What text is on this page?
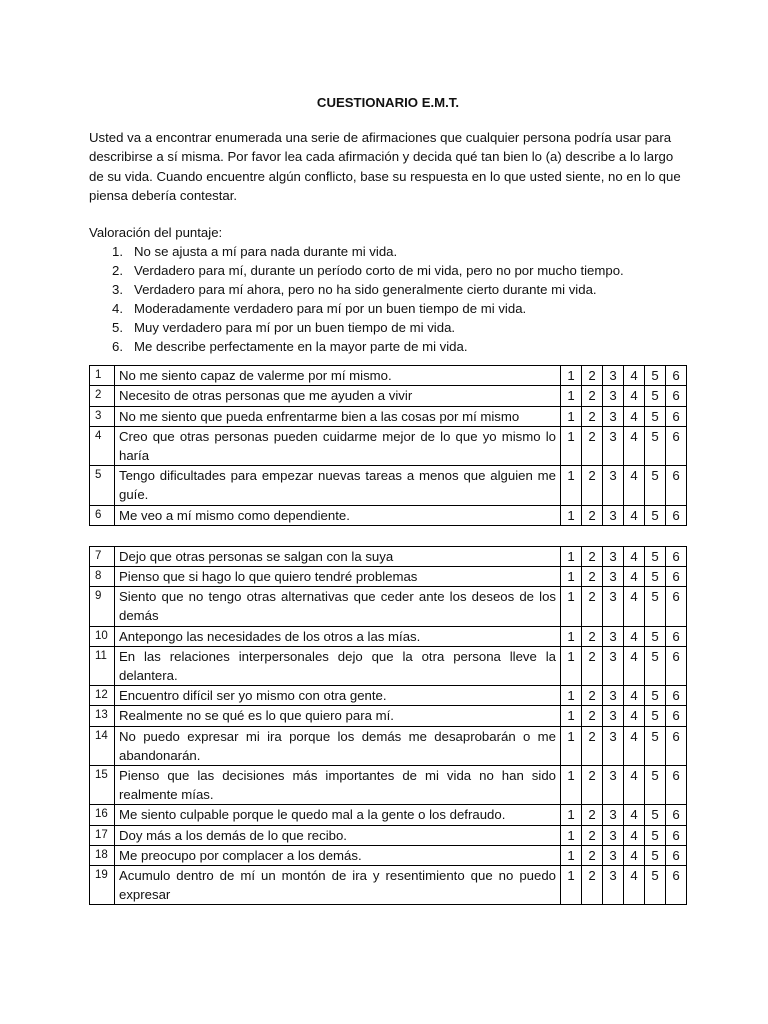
CUESTIONARIO E.M.T.
Usted va a encontrar enumerada una serie de afirmaciones que cualquier persona podría usar para describirse a sí misma. Por favor lea cada afirmación y decida qué tan bien lo (a) describe a lo largo de su vida. Cuando encuentre algún conflicto, base su respuesta en lo que usted siente, no en lo que piensa debería contestar.
Valoración del puntaje:
1. No se ajusta a mí para nada durante mi vida.
2. Verdadero para mí, durante un período corto de mi vida, pero no por mucho tiempo.
3. Verdadero para mí ahora, pero no ha sido generalmente cierto durante mi vida.
4. Moderadamente verdadero para mí por un buen tiempo de mi vida.
5. Muy verdadero para mí por un buen tiempo de mi vida.
6. Me describe perfectamente en la mayor parte de mi vida.
1	No me siento capaz de valerme por mí mismo.	1	2	3	4	5	6
2	Necesito de otras personas que me ayuden a vivir	1	2	3	4	5	6
3	No me siento que pueda enfrentarme bien a las cosas por mí mismo	1	2	3	4	5	6
4	Creo que otras personas pueden cuidarme mejor de lo que yo mismo lo haría	1	2	3	4	5	6
5	Tengo dificultades para empezar nuevas tareas a menos que alguien me guíe.	1	2	3	4	5	6
6	Me veo a mí mismo como dependiente.	1	2	3	4	5	6
7	Dejo que otras personas se salgan con la suya	1	2	3	4	5	6
8	Pienso que si hago lo que quiero tendré problemas	1	2	3	4	5	6
9	Siento que no tengo otras alternativas que ceder ante los deseos de los demás	1	2	3	4	5	6
10	Antepongo las necesidades de los otros a las mías.	1	2	3	4	5	6
11	En las relaciones interpersonales dejo que la otra persona lleve la delantera.	1	2	3	4	5	6
12	Encuentro difícil ser yo mismo con otra gente.	1	2	3	4	5	6
13	Realmente no se qué es lo que quiero para mí.	1	2	3	4	5	6
14	No puedo expresar mi ira porque los demás me desaprobarán o me abandonarán.	1	2	3	4	5	6
15	Pienso que las decisiones más importantes de mi vida no han sido realmente mías.	1	2	3	4	5	6
16	Me siento culpable porque le quedo mal a la gente o los defraudo.	1	2	3	4	5	6
17	Doy más a los demás de lo que recibo.	1	2	3	4	5	6
18	Me preocupo por complacer a los demás.	1	2	3	4	5	6
19	Acumulo dentro de mí un montón de ira y resentimiento que no puedo expresar	1	2	3	4	5	6
